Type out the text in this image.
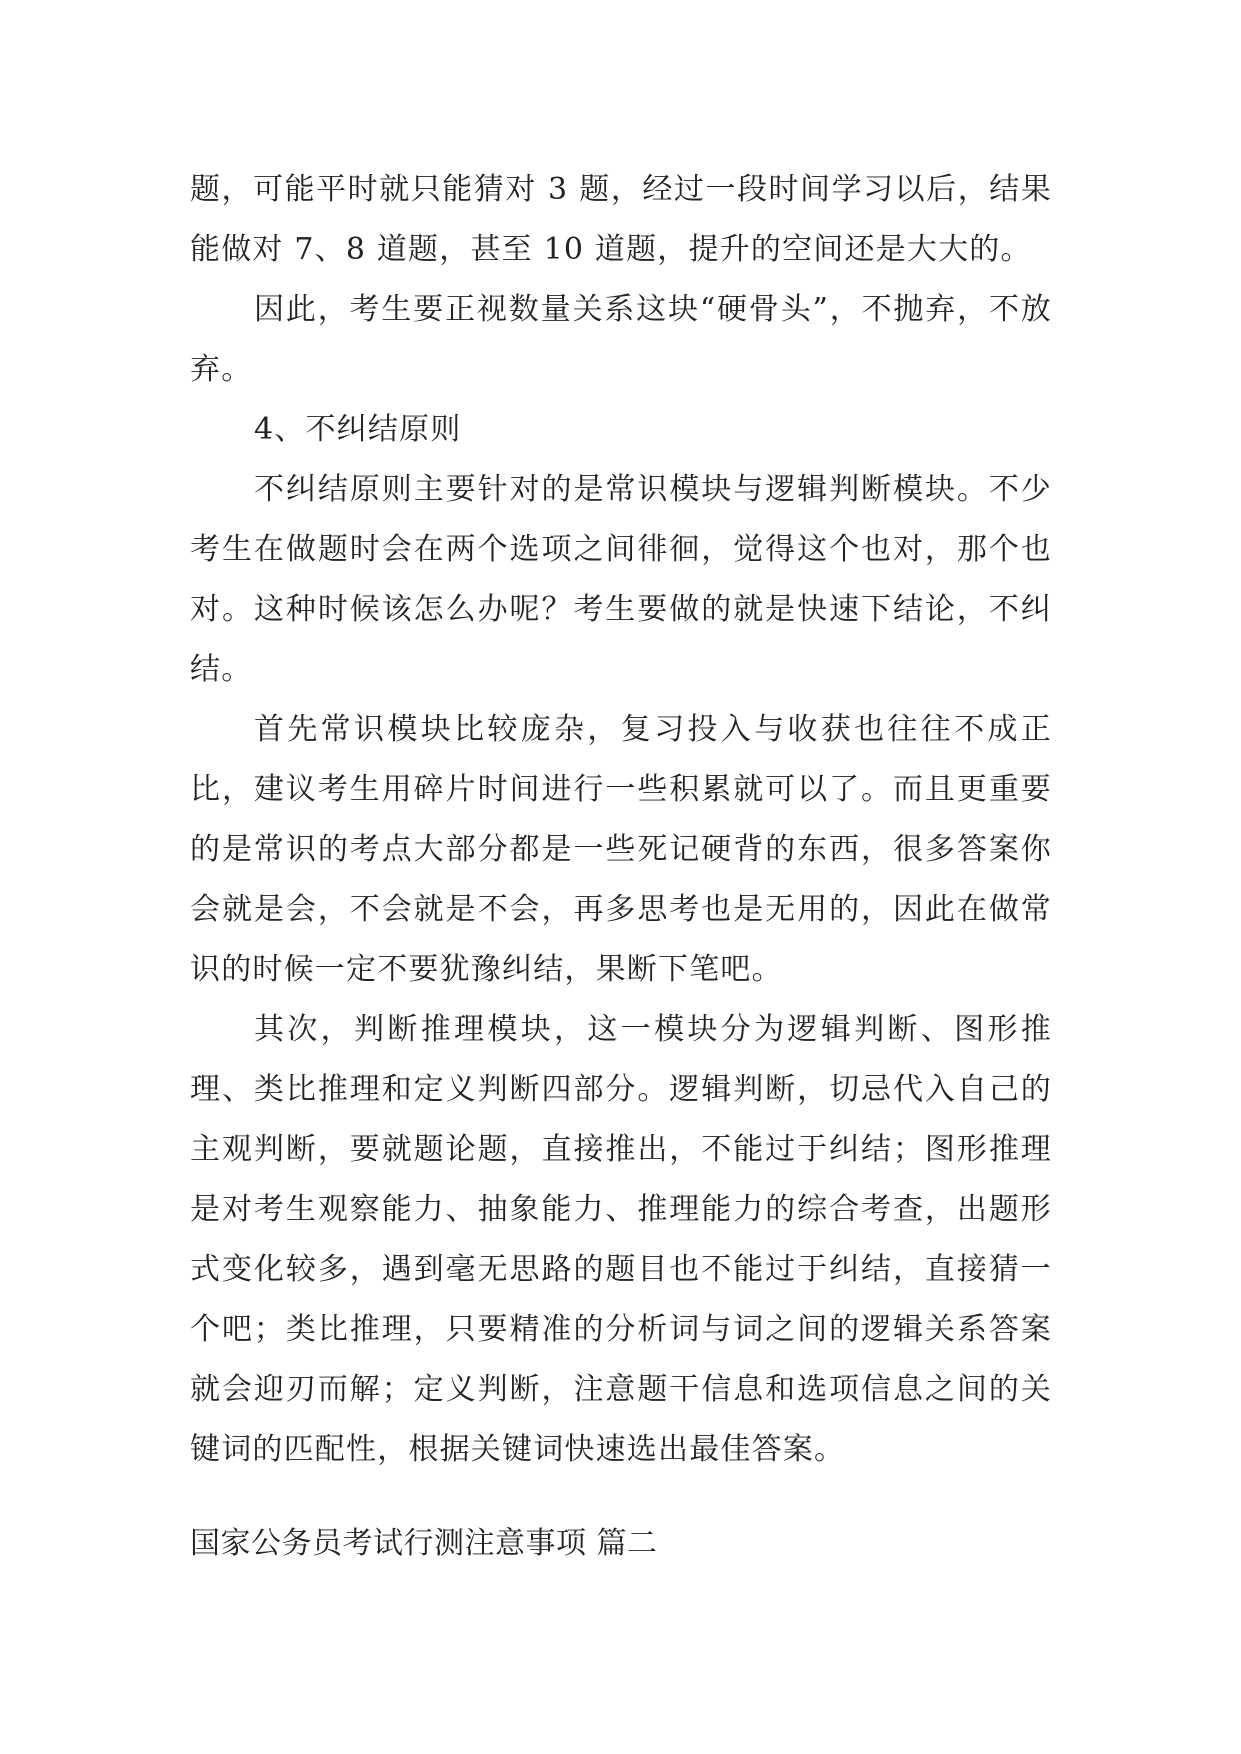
题，可能平时就只能猜对 3 题，经过一段时间学习以后，结果能做对 7、8 道题，甚至 10 道题，提升的空间还是大大的。

因此，考生要正视数量关系这块“硬骨头”，不抛弃，不放弃。

4、不纠结原则

不纠结原则主要针对的是常识模块与逻辑判断模块。不少考生在做题时会在两个选项之间徘徊，觉得这个也对，那个也对。这种时候该怎么办呢？考生要做的就是快速下结论，不纠结。

首先常识模块比较庞杂，复习投入与收获也往往不成正比，建议考生用碎片时间进行一些积累就可以了。而且更重要的是常识的考点大部分都是一些死记硬背的东西，很多答案你会就是会，不会就是不会，再多思考也是无用的，因此在做常识的时候一定不要犹豫纠结，果断下笔吧。

其次，判断推理模块，这一模块分为逻辑判断、图形推理、类比推理和定义判断四部分。逻辑判断，切忌代入自己的主观判断，要就题论题，直接推出，不能过于纠结；图形推理是对考生观察能力、抽象能力、推理能力的综合考查，出题形式变化较多，遇到毫无思路的题目也不能过于纠结，直接猜一个吧；类比推理，只要精准的分析词与词之间的逻辑关系答案就会迎刃而解；定义判断，注意题干信息和选项信息之间的关键词的匹配性，根据关键词快速选出最佳答案。

国家公务员考试行测注意事项 篇二
